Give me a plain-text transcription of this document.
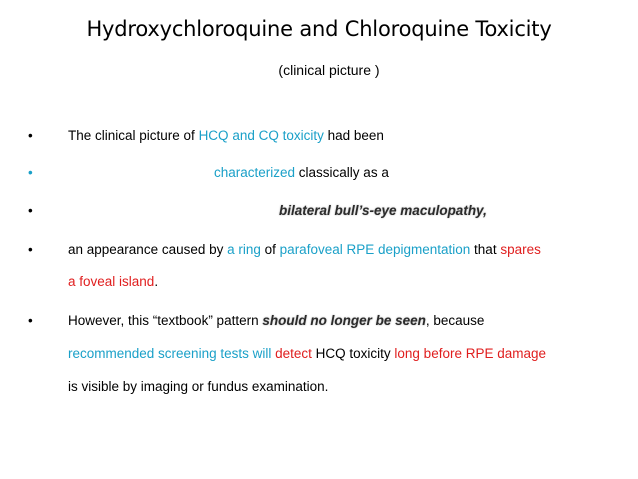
Hydroxychloroquine and Chloroquine Toxicity
(clinical picture )
•	The clinical picture of HCQ and CQ toxicity had been
•	characterized classically as a
•	bilateral bull’s-eye maculopathy,
•	an appearance caused by a ring of parafoveal RPE depigmentation that spares
a foveal island.
•	However, this “textbook” pattern should no longer be seen, because
recommended screening tests will detect HCQ toxicity long before RPE damage
is visible by imaging or fundus examination.
